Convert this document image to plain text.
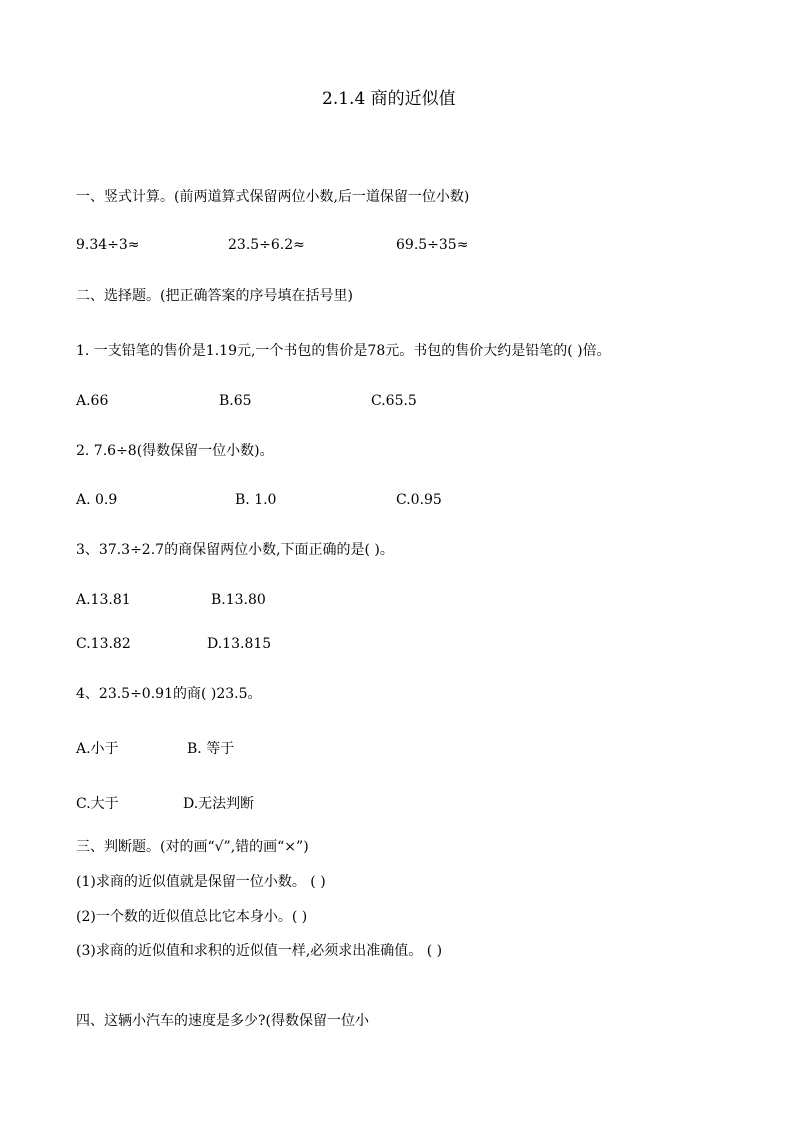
2.1.4 商的近似值
一、竖式计算。(前两道算式保留两位小数,后一道保留一位小数)
9.34÷3≈	23.5÷6.2≈	69.5÷35≈
二、选择题。(把正确答案的序号填在括号里)
1. 一支铅笔的售价是1.19元,一个书包的售价是78元。书包的售价大约是铅笔的( )倍。
A.66	B.65	C.65.5
2. 7.6÷8(得数保留一位小数)。
A. 0.9	B. 1.0	C.0.95
3、37.3÷2.7的商保留两位小数,下面正确的是( )。
A.13.81	B.13.80
C.13.82	D.13.815
4、23.5÷0.91的商( )23.5。
A.小于	B. 等于
C.大于	D.无法判断
三、判断题。(对的画“√”,错的画“×”)
(1)求商的近似值就是保留一位小数。 ( )
(2)一个数的近似值总比它本身小。( )
(3)求商的近似值和求积的近似值一样,必须求出准确值。 ( )
四、这辆小汽车的速度是多少?(得数保留一位小
